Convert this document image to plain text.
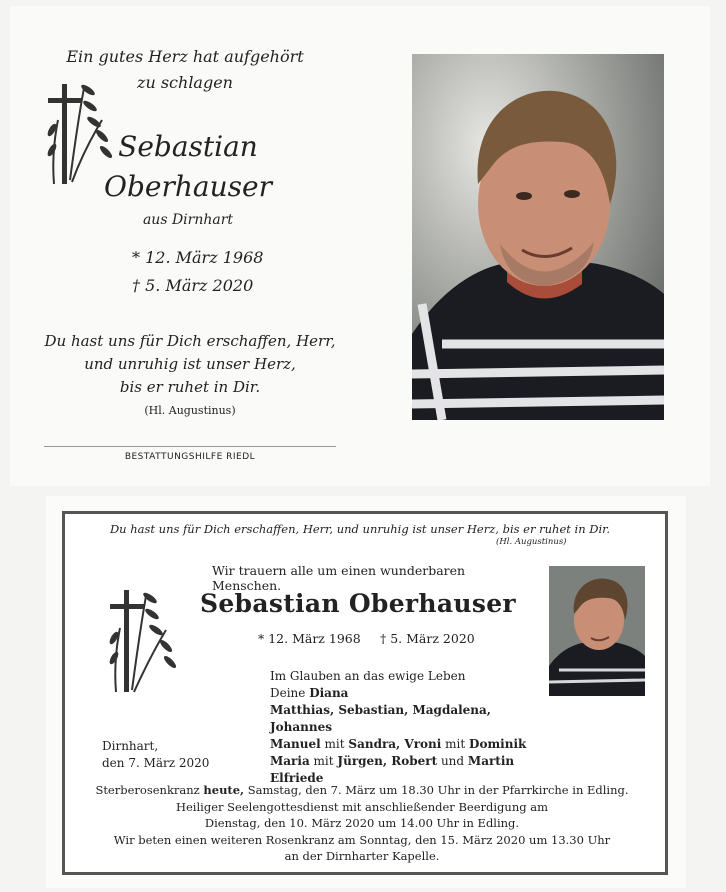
Ein gutes Herz hat aufgehört
zu schlagen
Sebastian
Oberhauser
aus Dirnhart
* 12. März 1968
† 5. März 2020
Du hast uns für Dich erschaffen, Herr,
und unruhig ist unser Herz,
bis er ruhet in Dir.
(Hl. Augustinus)
BESTATTUNGSHILFE RIEDL
Du hast uns für Dich erschaffen, Herr, und unruhig ist unser Herz, bis er ruhet in Dir.
(Hl. Augustinus)
Wir trauern alle um einen wunderbaren Menschen.
Sebastian Oberhauser
* 12. März 1968	† 5. März 2020
Im Glauben an das ewige Leben
Deine Diana
Matthias, Sebastian, Magdalena, Johannes
Manuel mit Sandra, Vroni mit Dominik
Maria mit Jürgen, Robert und Martin
Elfriede
Dirnhart,
den 7. März 2020
Sterberosenkranz heute, Samstag, den 7. März um 18.30 Uhr in der Pfarrkirche in Edling.
Heiliger Seelengottesdienst mit anschließender Beerdigung am
Dienstag, den 10. März 2020 um 14.00 Uhr in Edling.
Wir beten einen weiteren Rosenkranz am Sonntag, den 15. März 2020 um 13.30 Uhr
an der Dirnharter Kapelle.
